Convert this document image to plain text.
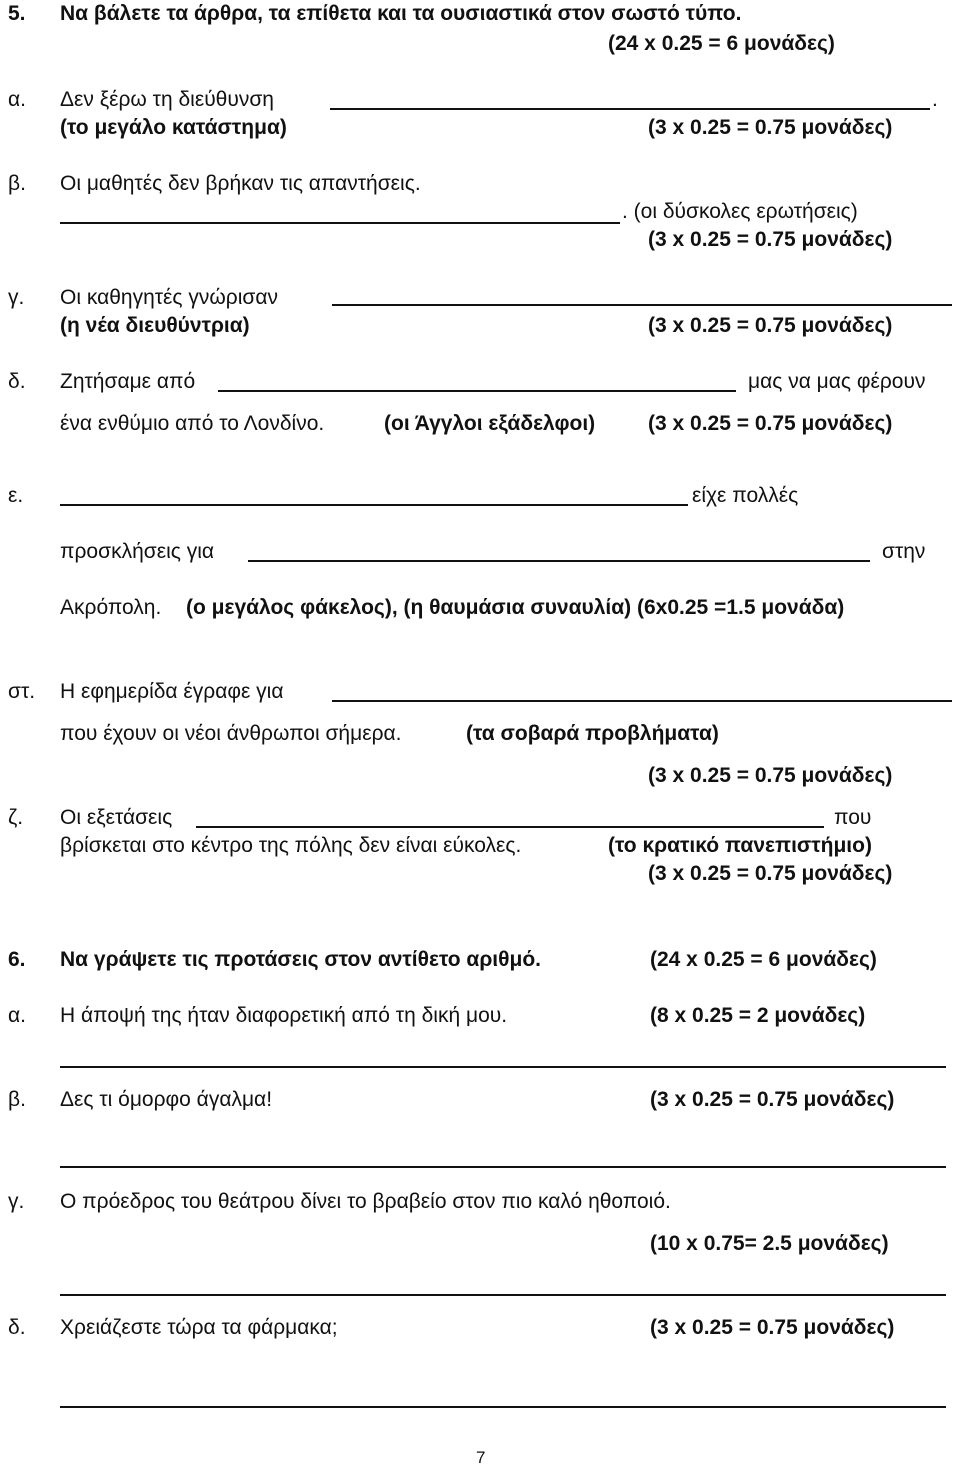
5. Να βάλετε τα άρθρα, τα επίθετα και τα ουσιαστικά στον σωστό τύπο.
(24 x 0.25 = 6 μονάδες)
α. Δεν ξέρω τη διεύθυνση	.
(το μεγάλο κατάστημα)	(3 x 0.25 = 0.75 μονάδες)
β. Οι μαθητές δεν βρήκαν τις απαντήσεις.
. (οι δύσκολες ερωτήσεις)
(3 x 0.25 = 0.75 μονάδες)
γ. Οι καθηγητές γνώρισαν
(η νέα διευθύντρια)	(3 x 0.25 = 0.75 μονάδες)
δ. Ζητήσαμε από	μας να μας φέρουν
ένα ενθύμιο από το Λονδίνο.	(οι Άγγλοι εξάδελφοι)	(3 x 0.25 = 0.75 μονάδες)
ε.	είχε πολλές
προσκλήσεις για	στην
Ακρόπολη. (ο μεγάλος φάκελος), (η θαυμάσια συναυλία) (6x0.25 =1.5 μονάδα)
στ. Η εφημερίδα έγραφε για
που έχουν οι νέοι άνθρωποι σήμερα.	(τα σοβαρά προβλήματα)
(3 x 0.25 = 0.75 μονάδες)
ζ. Οι εξετάσεις	που
βρίσκεται στο κέντρο της πόλης δεν είναι εύκολες.	(το κρατικό πανεπιστήμιο)
(3 x 0.25 = 0.75 μονάδες)
6. Να γράψετε τις προτάσεις στον αντίθετο αριθμό.	(24 x 0.25 = 6 μονάδες)
α. Η άποψή της ήταν διαφορετική από τη δική μου.	(8 x 0.25 = 2 μονάδες)
β. Δες τι όμορφο άγαλμα!	(3 x 0.25 = 0.75 μονάδες)
γ. Ο πρόεδρος του θεάτρου δίνει το βραβείο στον πιο καλό ηθοποιό.
(10 x 0.75= 2.5 μονάδες)
δ. Χρειάζεστε τώρα τα φάρμακα;	(3 x 0.25 = 0.75 μονάδες)
7
